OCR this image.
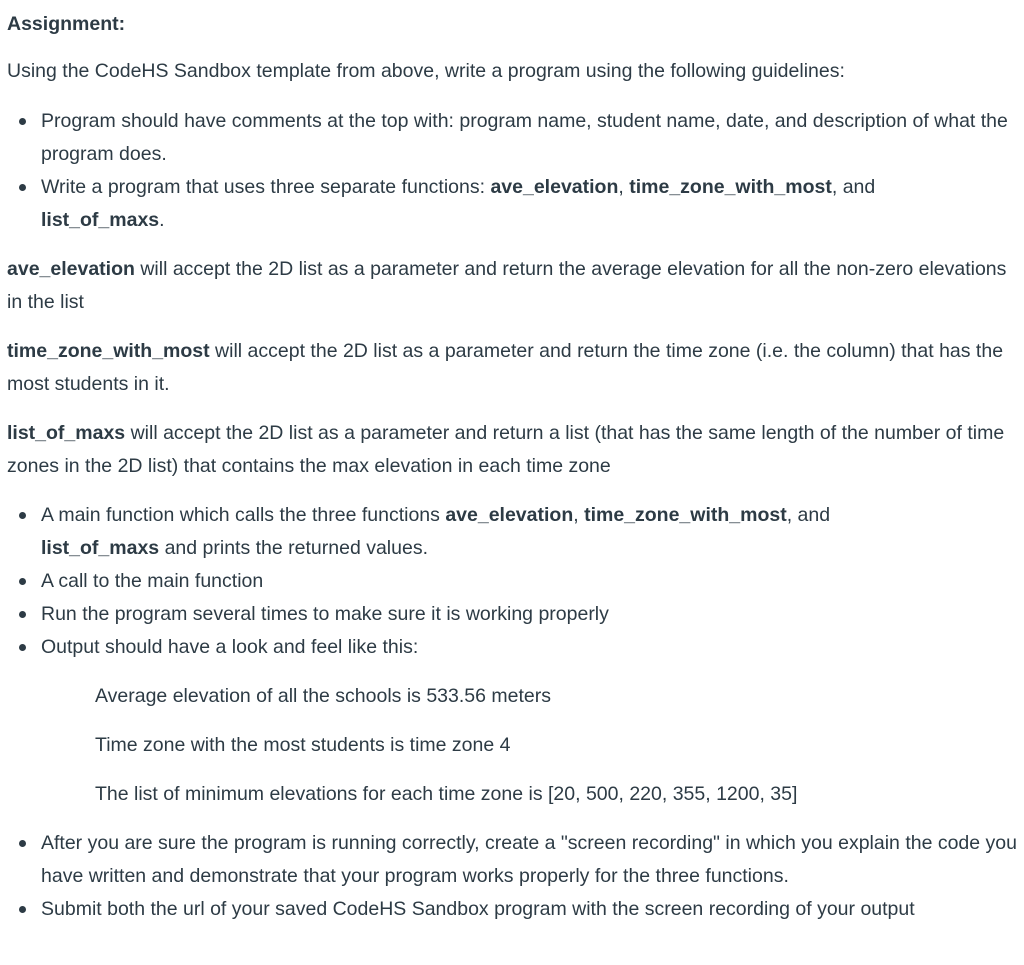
Assignment:

Using the CodeHS Sandbox template from above, write a program using the following guidelines:

Program should have comments at the top with: program name, student name, date, and description of what the program does.
Write a program that uses three separate functions: ave_elevation, time_zone_with_most, and
list_of_maxs.

ave_elevation will accept the 2D list as a parameter and return the average elevation for all the non-zero elevations in the list

time_zone_with_most will accept the 2D list as a parameter and return the time zone (i.e. the column) that has the most students in it.

list_of_maxs will accept the 2D list as a parameter and return a list (that has the same length of the number of time zones in the 2D list) that contains the max elevation in each time zone

A main function which calls the three functions ave_elevation, time_zone_with_most, and
list_of_maxs and prints the returned values.
A call to the main function
Run the program several times to make sure it is working properly
Output should have a look and feel like this:

Average elevation of all the schools is 533.56 meters

Time zone with the most students is time zone 4

The list of minimum elevations for each time zone is [20, 500, 220, 355, 1200, 35]

After you are sure the program is running correctly, create a "screen recording" in which you explain the code you have written and demonstrate that your program works properly for the three functions.
Submit both the url of your saved CodeHS Sandbox program with the screen recording of your output
